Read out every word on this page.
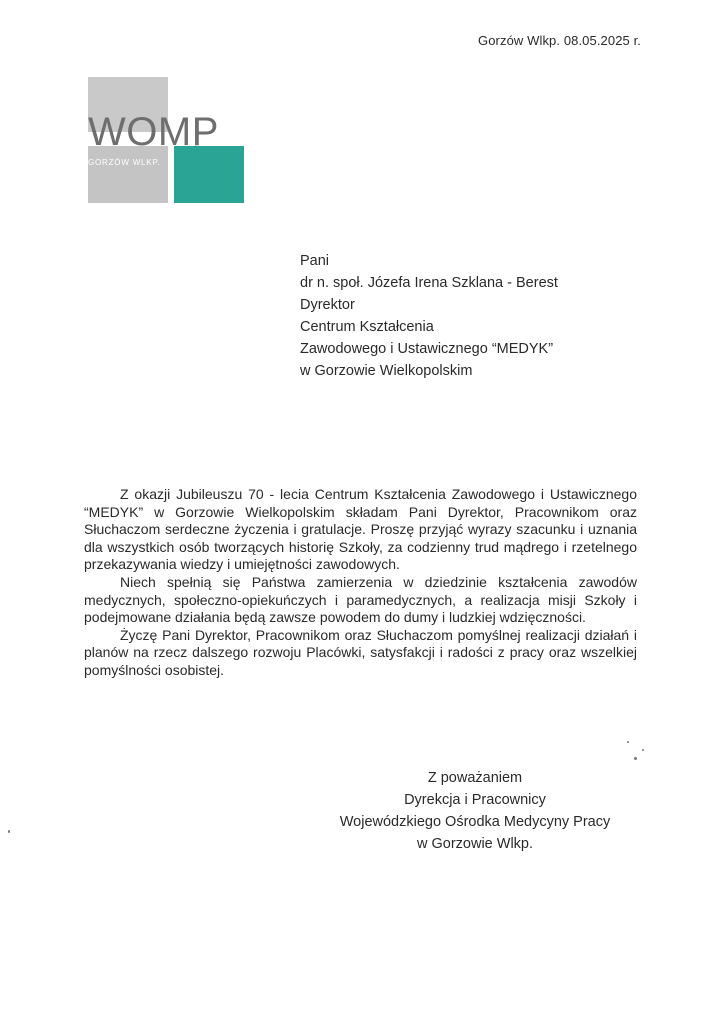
Gorzów Wlkp. 08.05.2025 r.
WOMP
GORZÓW WLKP.
Pani
dr n. społ. Józefa Irena Szklana - Berest
Dyrektor
Centrum Kształcenia
Zawodowego i Ustawicznego “MEDYK”
w Gorzowie Wielkopolskim

Z okazji Jubileuszu 70 - lecia Centrum Kształcenia Zawodowego i Ustawicznego “MEDYK” w Gorzowie Wielkopolskim składam Pani Dyrektor, Pracownikom oraz Słuchaczom serdeczne życzenia i gratulacje. Proszę przyjąć wyrazy szacunku i uznania dla wszystkich osób tworzących historię Szkoły, za codzienny trud mądrego i rzetelnego przekazywania wiedzy i umiejętności zawodowych.

Niech spełnią się Państwa zamierzenia w dziedzinie kształcenia zawodów medycznych, społeczno-opiekuńczych i paramedycznych, a realizacja misji Szkoły i podejmowane działania będą zawsze powodem do dumy i ludzkiej wdzięczności.

Życzę Pani Dyrektor, Pracownikom oraz Słuchaczom pomyślnej realizacji działań i planów na rzecz dalszego rozwoju Placówki, satysfakcji i radości z pracy oraz wszelkiej pomyślności osobistej.

Z poważaniem
Dyrekcja i Pracownicy
Wojewódzkiego Ośrodka Medycyny Pracy
w Gorzowie Wlkp.
